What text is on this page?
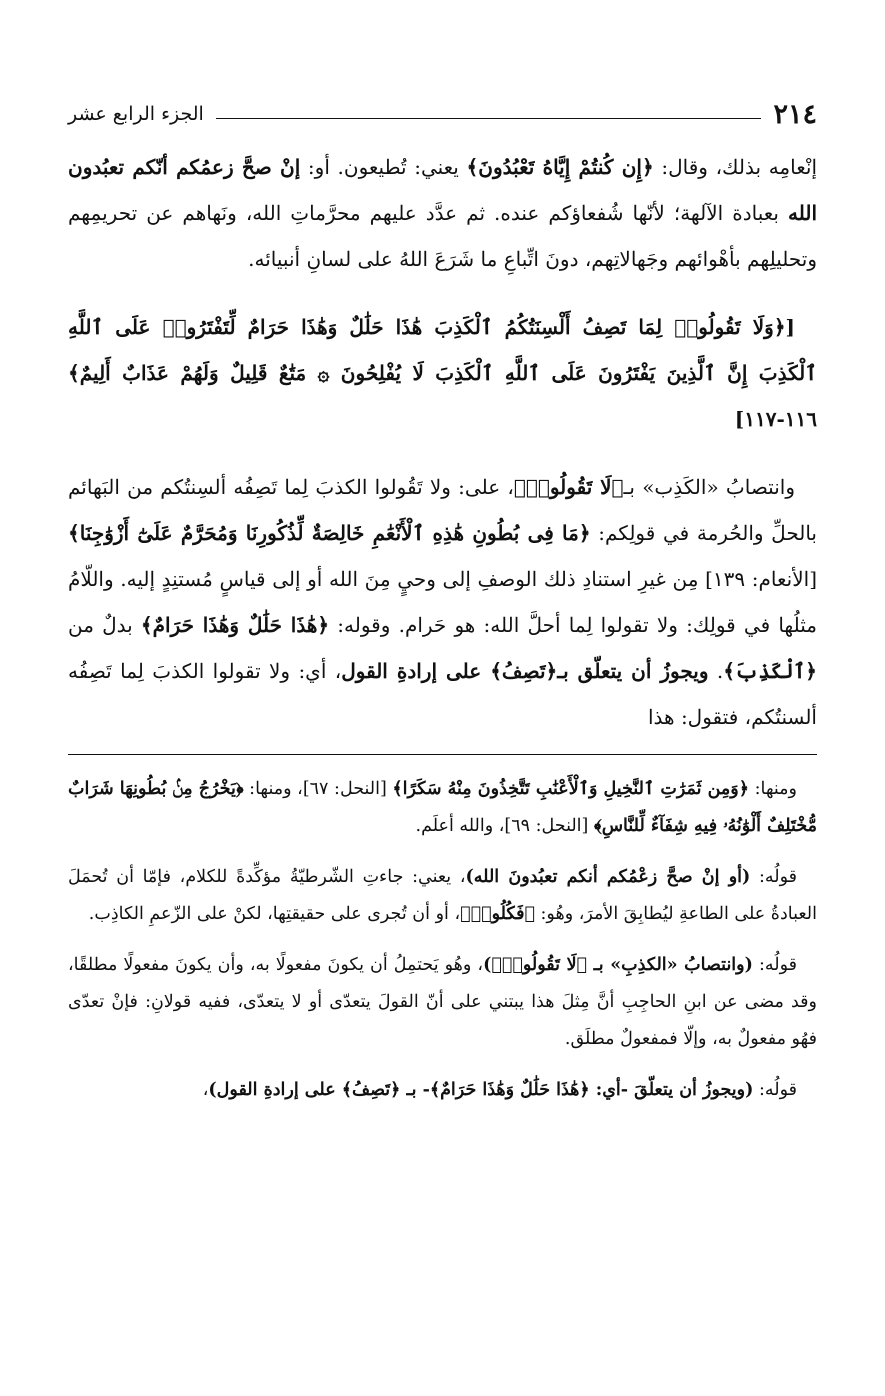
٢١٤
الجزء الرابع عشر

إنْعامِه بذلك، وقال: ﴿إِن كُنتُمْ إِيَّاهُ تَعْبُدُونَ﴾ يعني: تُطيعون. أو: إنْ صحَّ زعمُكم أنّكم تعبُدون الله بعبادة الآلهة؛ لأنّها شُفعاؤكم عنده. ثم عدَّد عليهم محرَّماتِ الله، ونَهاهم عن تحريمِهم وتحليلِهم بأهْوائهم وجَهالاتِهم، دونَ اتِّباعِ ما شَرَعَ اللهُ على لسانِ أنبيائه.

[﴿وَلَا تَقُولُوا۟ لِمَا تَصِفُ أَلْسِنَتُكُمُ ٱلْكَذِبَ هَٰذَا حَلَٰلٌ وَهَٰذَا حَرَامٌ لِّتَفْتَرُوا۟ عَلَى ٱللَّهِ ٱلْكَذِبَ إِنَّ ٱلَّذِينَ يَفْتَرُونَ عَلَى ٱللَّهِ ٱلْكَذِبَ لَا يُفْلِحُونَ ۞ مَتَٰعٌ قَلِيلٌ وَلَهُمْ عَذَابٌ أَلِيمٌ﴾ ١١٦-١١٧]

وانتصابُ «الكَذِب» بـ﴿لَا تَقُولُوا۟﴾، على: ولا تَقُولوا الكذبَ لِما تَصِفُه ألسِنتُكم من البَهائم بالحلِّ والحُرمة في قولِكم: ﴿مَا فِى بُطُونِ هَٰذِهِ ٱلْأَنْعَٰمِ خَالِصَةٌ لِّذُكُورِنَا وَمُحَرَّمٌ عَلَىٰٓ أَزْوَٰجِنَا﴾ [الأنعام: ١٣٩] مِن غيرِ استنادِ ذلك الوصفِ إلى وحيٍ مِنَ الله أو إلى قياسٍ مُستنِدٍ إليه. واللّامُ مثلُها في قولِك: ولا تقولوا لِما أحلَّ الله: هو حَرام. وقوله: ﴿هَٰذَا حَلَٰلٌ وَهَٰذَا حَرَامٌ﴾ بدلٌ من ﴿ٱلْكَذِبَ﴾. ويجوزُ أن يتعلّق بـ﴿تَصِفُ﴾ على إرادةِ القول، أي: ولا تقولوا الكذبَ لِما تَصِفُه ألسنتُكم، فتقول: هذا

ومنها: ﴿وَمِن ثَمَرَٰتِ ٱلنَّخِيلِ وَٱلْأَعْنَٰبِ تَتَّخِذُونَ مِنْهُ سَكَرًا﴾ [النحل: ٦٧]، ومنها: ﴿يَخْرُجُ مِنۢ بُطُونِهَا شَرَابٌ مُّخْتَلِفٌ أَلْوَٰنُهُۥ فِيهِ شِفَآءٌ لِّلنَّاسِ﴾ [النحل: ٦٩]، والله أعلَم.

قولُه: (أو إنْ صحَّ زعْمُكم أنكم تعبُدونَ الله)، يعني: جاءتِ الشّرطيّةُ مؤكِّدةً للكلام، فإمّا أن تُحمَلَ العبادةُ على الطاعةِ ليُطابِقَ الأمرَ، وهُو: ﴿فَكُلُوا۟﴾، أو أن تُجرى على حقيقتِها، لكنْ على الزّعمِ الكاذِب.

قولُه: (وانتصابُ «الكذِبِ» بـ ﴿لَا تَقُولُوا۟﴾)، وهُو يَحتمِلُ أن يكونَ مفعولًا به، وأن يكونَ مفعولًا مطلقًا، وقد مضى عن ابنِ الحاجِبِ أنَّ مِثلَ هذا يبتني على أنّ القولَ يتعدّى أو لا يتعدّى، ففيه قولانِ: فإنْ تعدّى فهُو مفعولٌ به، وإلّا فمفعولٌ مطلَق.

قولُه: (ويجوزُ أن يتعلّقَ -أي: ﴿هَٰذَا حَلَٰلٌ وَهَٰذَا حَرَامٌ﴾- بـ ﴿تَصِفُ﴾ على إرادةِ القول)،
